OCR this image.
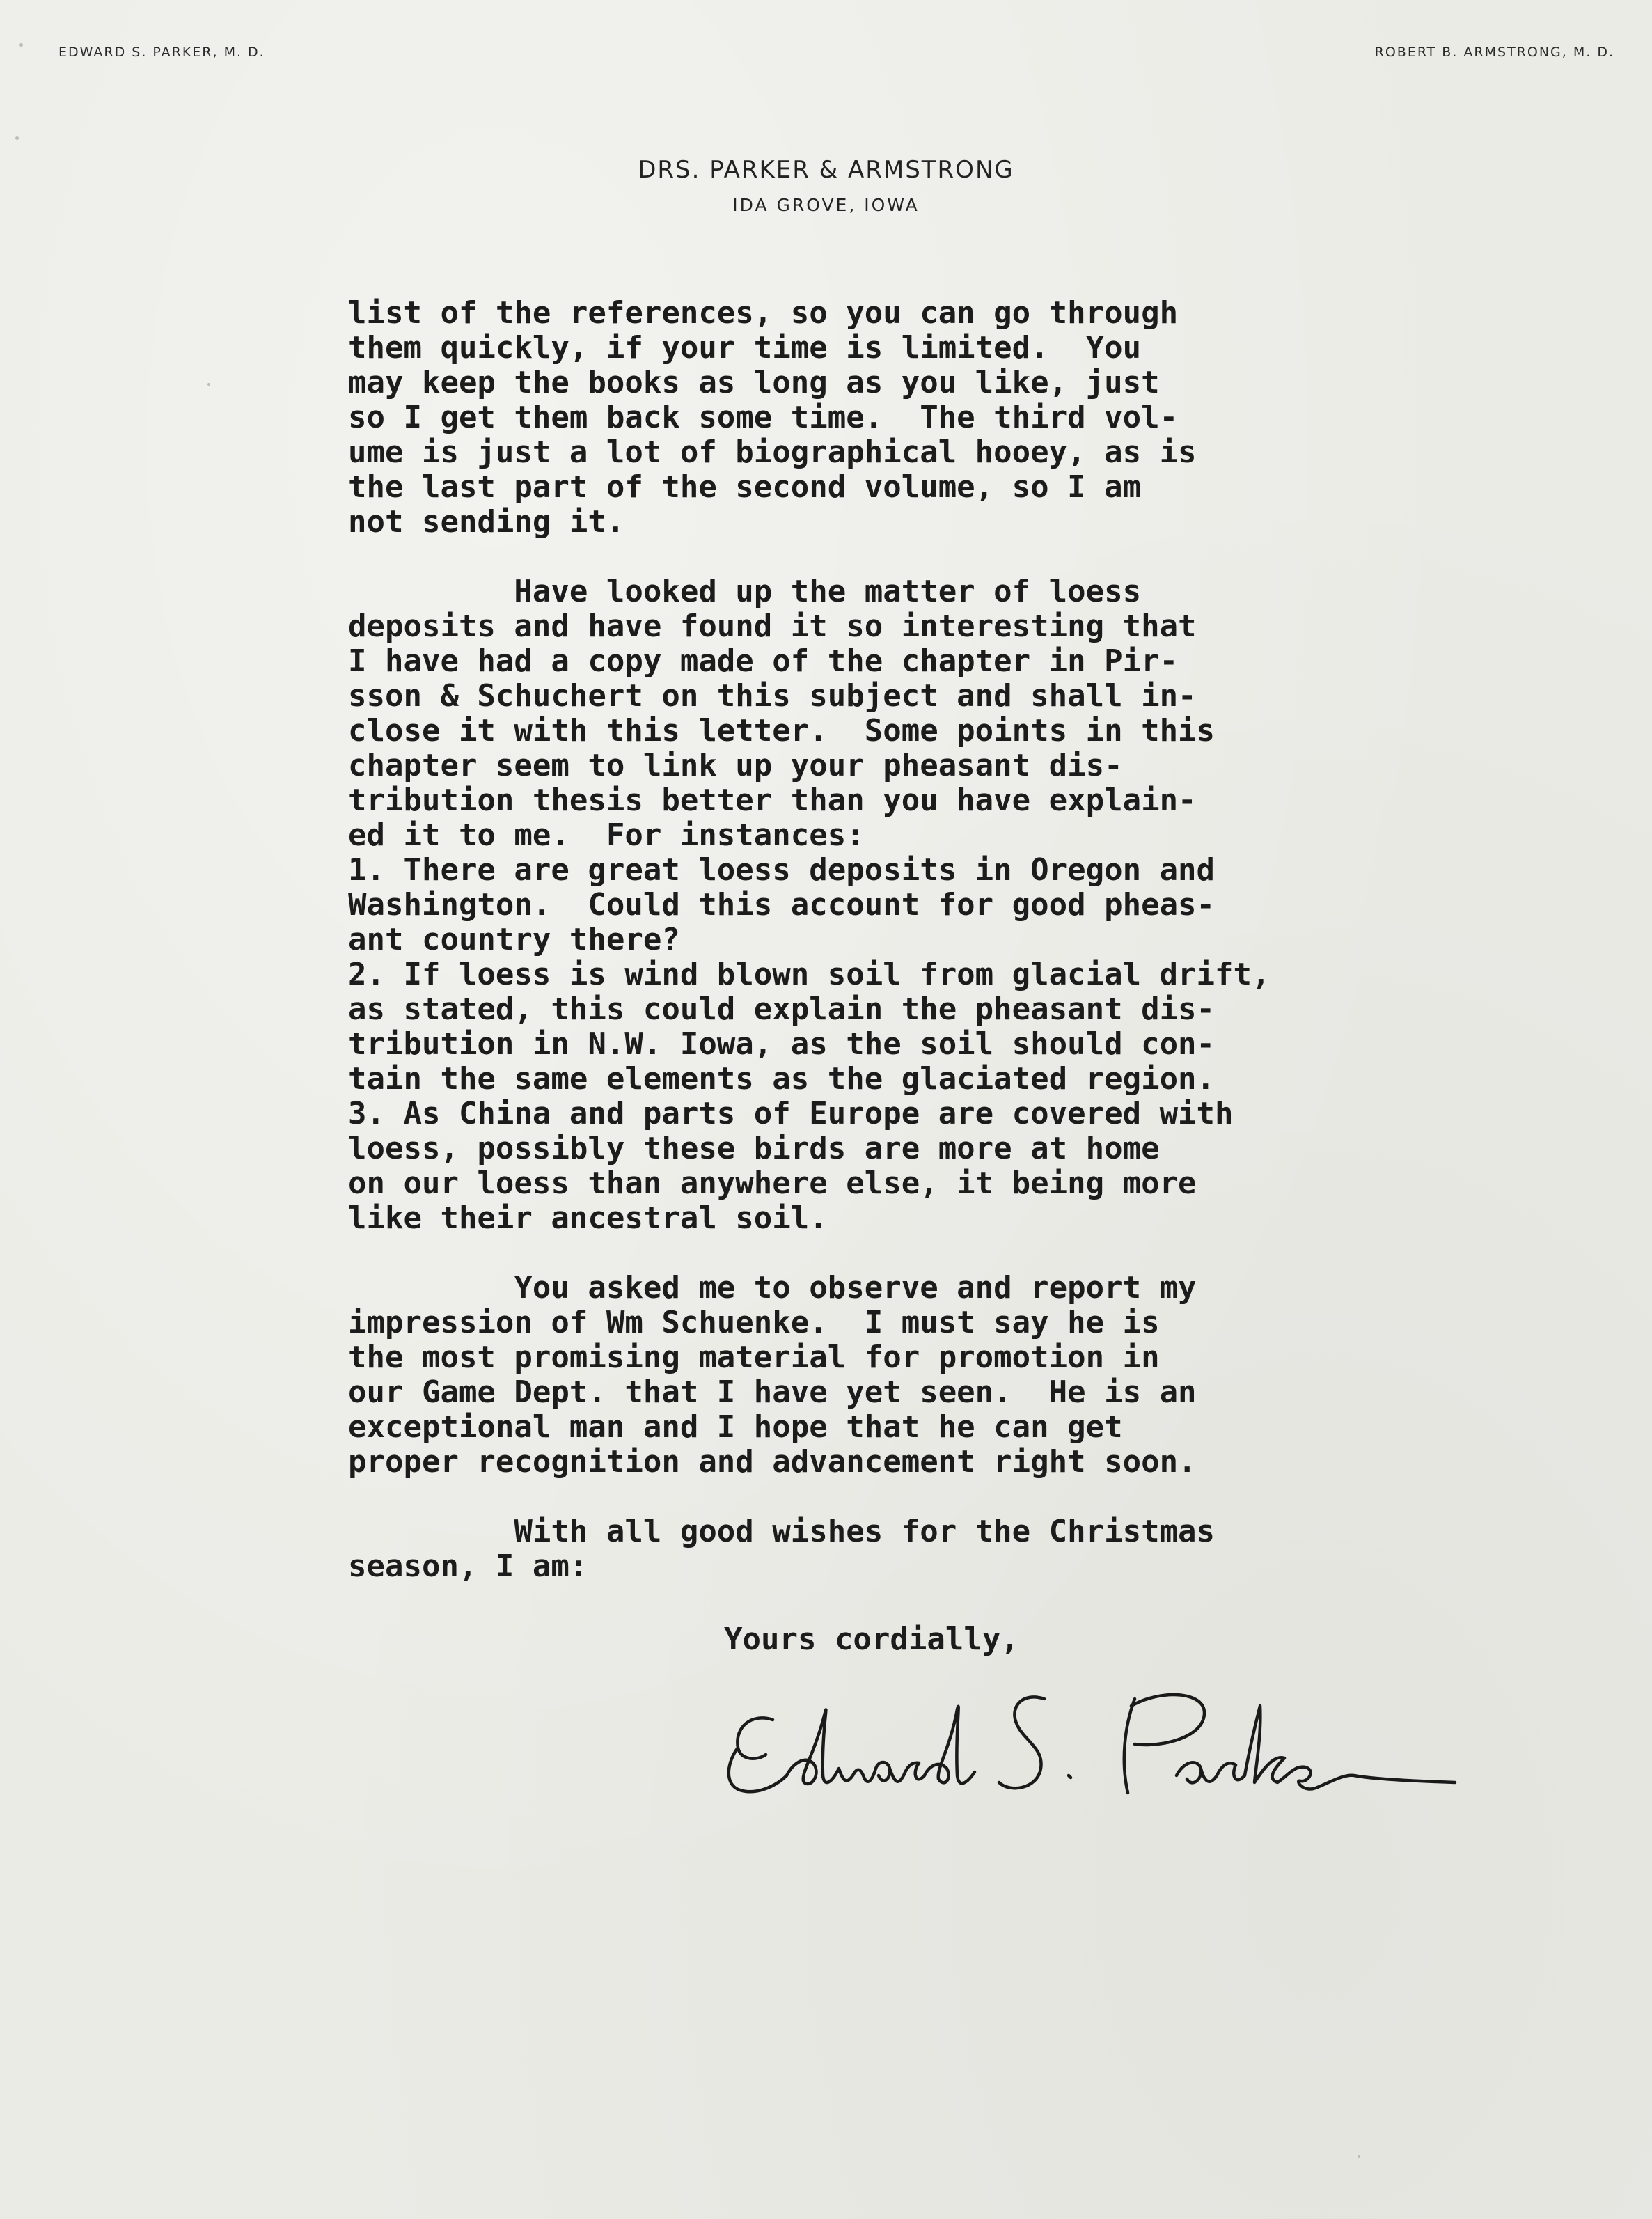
EDWARD S. PARKER, M. D.	ROBERT B. ARMSTRONG, M. D.
DRS. PARKER & ARMSTRONG
IDA GROVE, IOWA
list of the references, so you can go through
them quickly, if your time is limited.  You
may keep the books as long as you like, just
so I get them back some time.  The third vol-
ume is just a lot of biographical hooey, as is
the last part of the second volume, so I am
not sending it.
Have looked up the matter of loess
deposits and have found it so interesting that
I have had a copy made of the chapter in Pir-
sson & Schuchert on this subject and shall in-
close it with this letter.  Some points in this
chapter seem to link up your pheasant dis-
tribution thesis better than you have explain-
ed it to me.  For instances:
1. There are great loess deposits in Oregon and
Washington.  Could this account for good pheas-
ant country there?
2. If loess is wind blown soil from glacial drift,
as stated, this could explain the pheasant dis-
tribution in N.W. Iowa, as the soil should con-
tain the same elements as the glaciated region.
3. As China and parts of Europe are covered with
loess, possibly these birds are more at home
on our loess than anywhere else, it being more
like their ancestral soil.
You asked me to observe and report my
impression of Wm Schuenke.  I must say he is
the most promising material for promotion in
our Game Dept. that I have yet seen.  He is an
exceptional man and I hope that he can get
proper recognition and advancement right soon.
With all good wishes for the Christmas
season, I am:
Yours cordially,
